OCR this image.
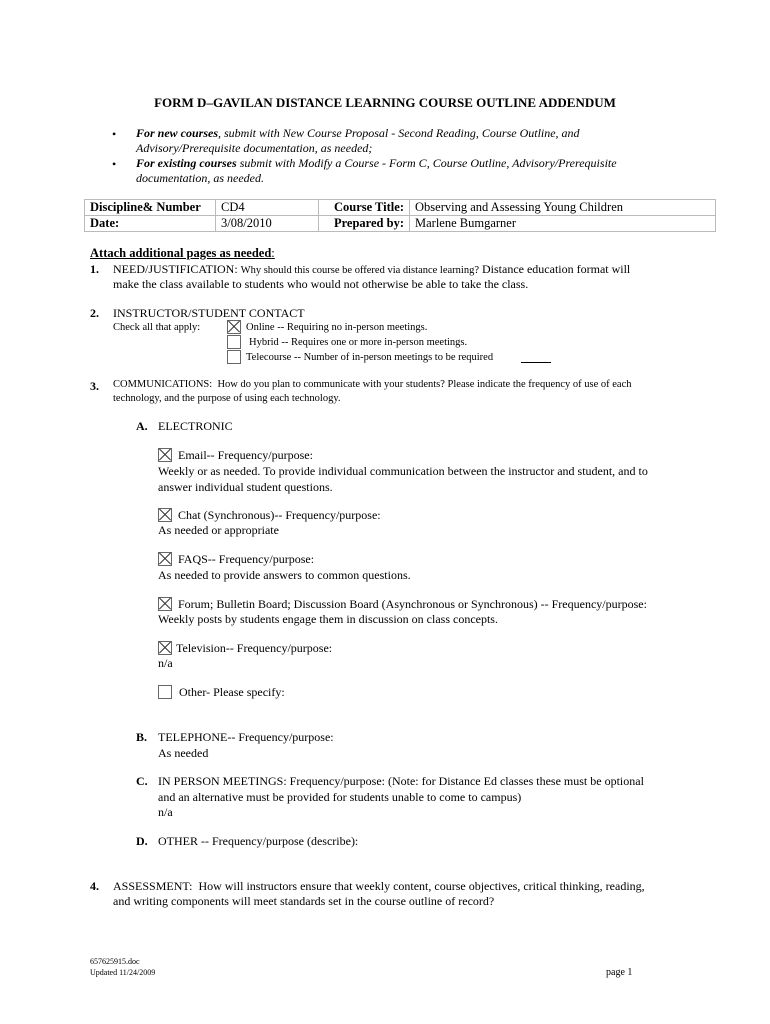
FORM D–GAVILAN DISTANCE LEARNING COURSE OUTLINE ADDENDUM
• For new courses, submit with New Course Proposal - Second Reading, Course Outline, and Advisory/Prerequisite documentation, as needed;
• For existing courses submit with Modify a Course - Form C, Course Outline, Advisory/Prerequisite documentation, as needed.
Discipline& Number	CD4	Course Title:	Observing and Assessing Young Children
Date:	3/08/2010	Prepared by:	Marlene Bumgarner
Attach additional pages as needed:
1. NEED/JUSTIFICATION: Why should this course be offered via distance learning? Distance education format will
make the class available to students who would not otherwise be able to take the class.
2. INSTRUCTOR/STUDENT CONTACT
Check all that apply:	Online -- Requiring no in-person meetings.
Hybrid -- Requires one or more in-person meetings.
Telecourse -- Number of in-person meetings to be required
3. COMMUNICATIONS: How do you plan to communicate with your students? Please indicate the frequency of use of each
technology, and the purpose of using each technology.
A. ELECTRONIC
Email-- Frequency/purpose:
Weekly or as needed. To provide individual communication between the instructor and student, and to
answer individual student questions.
Chat (Synchronous)-- Frequency/purpose:
As needed or appropriate
FAQS-- Frequency/purpose:
As needed to provide answers to common questions.
Forum; Bulletin Board; Discussion Board (Asynchronous or Synchronous) -- Frequency/purpose:
Weekly posts by students engage them in discussion on class concepts.
Television-- Frequency/purpose:
n/a
Other- Please specify:
B. TELEPHONE-- Frequency/purpose:
As needed
C. IN PERSON MEETINGS: Frequency/purpose: (Note: for Distance Ed classes these must be optional
and an alternative must be provided for students unable to come to campus)
n/a
D. OTHER -- Frequency/purpose (describe):
4. ASSESSMENT: How will instructors ensure that weekly content, course objectives, critical thinking, reading,
and writing components will meet standards set in the course outline of record?
657625915.doc
Updated 11/24/2009	page 1
